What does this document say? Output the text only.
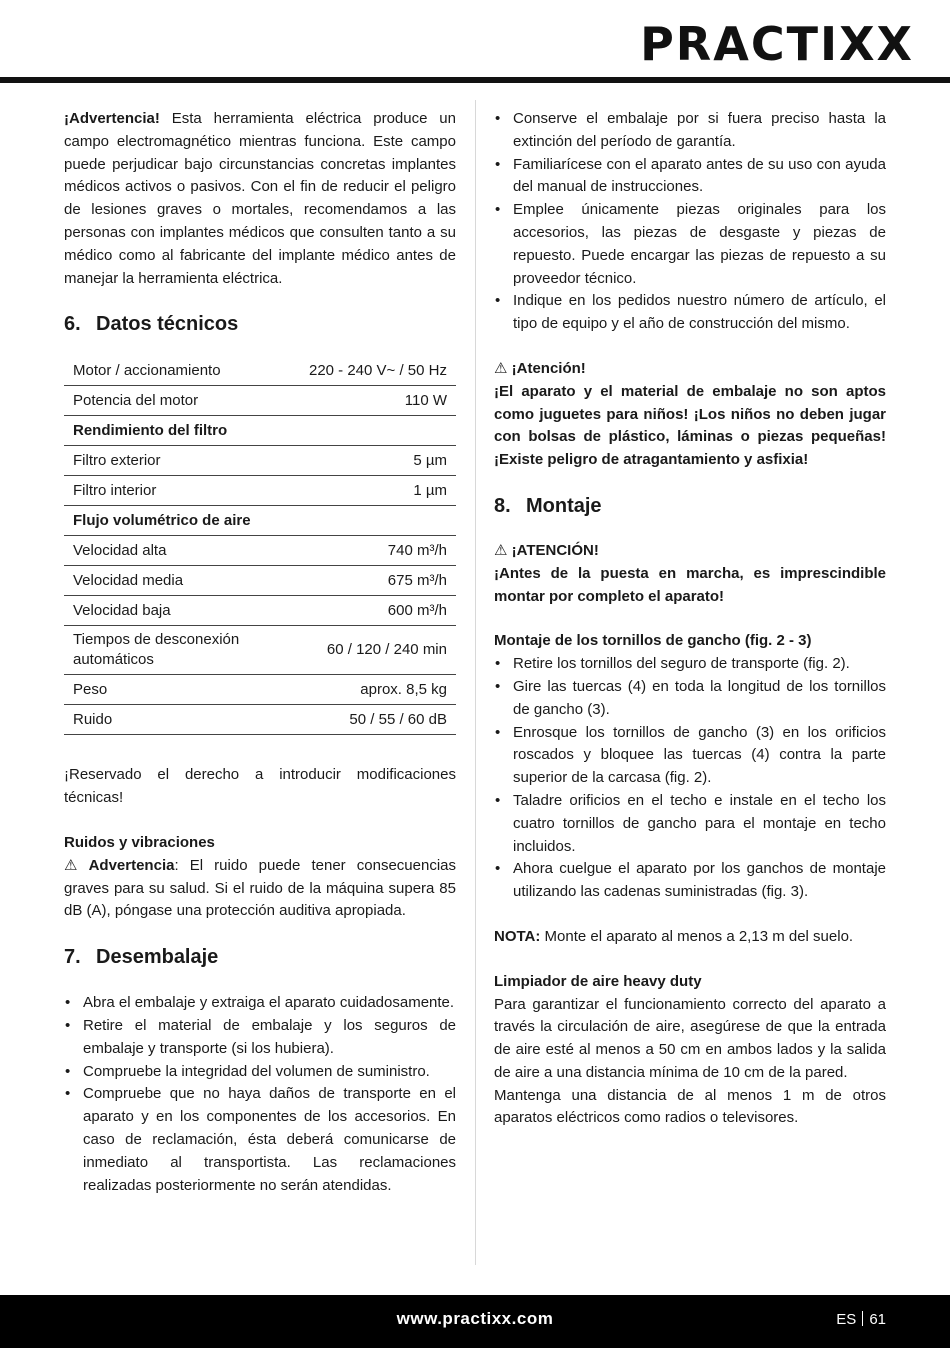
PRACTIXX

¡Advertencia! Esta herramienta eléctrica produce un campo electromagnético mientras funciona. Este campo puede perjudicar bajo circunstancias concretas implantes médicos activos o pasivos. Con el fin de reducir el peligro de lesiones graves o mortales, recomendamos a las personas con implantes médicos que consulten tanto a su médico como al fabricante del implante médico antes de manejar la herramienta eléctrica.

6. Datos técnicos
Motor / accionamiento	220 - 240 V~ / 50 Hz
Potencia del motor	110 W
Rendimiento del filtro	
Filtro exterior	5 µm
Filtro interior	1 µm
Flujo volumétrico de aire	
Velocidad alta	740 m³/h
Velocidad media	675 m³/h
Velocidad baja	600 m³/h
Tiempos de desconexión automáticos	60 / 120 / 240 min
Peso	aprox. 8,5 kg
Ruido	50 / 55 / 60 dB

¡Reservado el derecho a introducir modificaciones técnicas!

Ruidos y vibraciones

⚠ Advertencia: El ruido puede tener consecuencias graves para su salud. Si el ruido de la máquina supera 85 dB (A), póngase una protección auditiva apropiada.

7. Desembalaje
• Abra el embalaje y extraiga el aparato cuidadosamente.
• Retire el material de embalaje y los seguros de embalaje y transporte (si los hubiera).
• Compruebe la integridad del volumen de suministro.
• Compruebe que no haya daños de transporte en el aparato y en los componentes de los accesorios. En caso de reclamación, ésta deberá comunicarse de inmediato al transportista. Las reclamaciones realizadas posteriormente no serán atendidas.
• Conserve el embalaje por si fuera preciso hasta la extinción del período de garantía.
• Familiarícese con el aparato antes de su uso con ayuda del manual de instrucciones.
• Emplee únicamente piezas originales para los accesorios, las piezas de desgaste y piezas de repuesto. Puede encargar las piezas de repuesto a su proveedor técnico.
• Indique en los pedidos nuestro número de artículo, el tipo de equipo y el año de construcción del mismo.

⚠ ¡Atención!

¡El aparato y el material de embalaje no son aptos como juguetes para niños! ¡Los niños no deben jugar con bolsas de plástico, láminas o piezas pequeñas! ¡Existe peligro de atragantamiento y asfixia!

8. Montaje

⚠ ¡ATENCIÓN!

¡Antes de la puesta en marcha, es imprescindible montar por completo el aparato!

Montaje de los tornillos de gancho (fig. 2 - 3)

• Retire los tornillos del seguro de transporte (fig. 2).
• Gire las tuercas (4) en toda la longitud de los tornillos de gancho (3).
• Enrosque los tornillos de gancho (3) en los orificios roscados y bloquee las tuercas (4) contra la parte superior de la carcasa (fig. 2).
• Taladre orificios en el techo e instale en el techo los cuatro tornillos de gancho para el montaje en techo incluidos.
• Ahora cuelgue el aparato por los ganchos de montaje utilizando las cadenas suministradas (fig. 3).

NOTA: Monte el aparato al menos a 2,13 m del suelo.

Limpiador de aire heavy duty

Para garantizar el funcionamiento correcto del aparato a través la circulación de aire, asegúrese de que la entrada de aire esté al menos a 50 cm en ambos lados y la salida de aire a una distancia mínima de 10 cm de la pared.

Mantenga una distancia de al menos 1 m de otros aparatos eléctricos como radios o televisores.

www.practixx.com	ES 61
